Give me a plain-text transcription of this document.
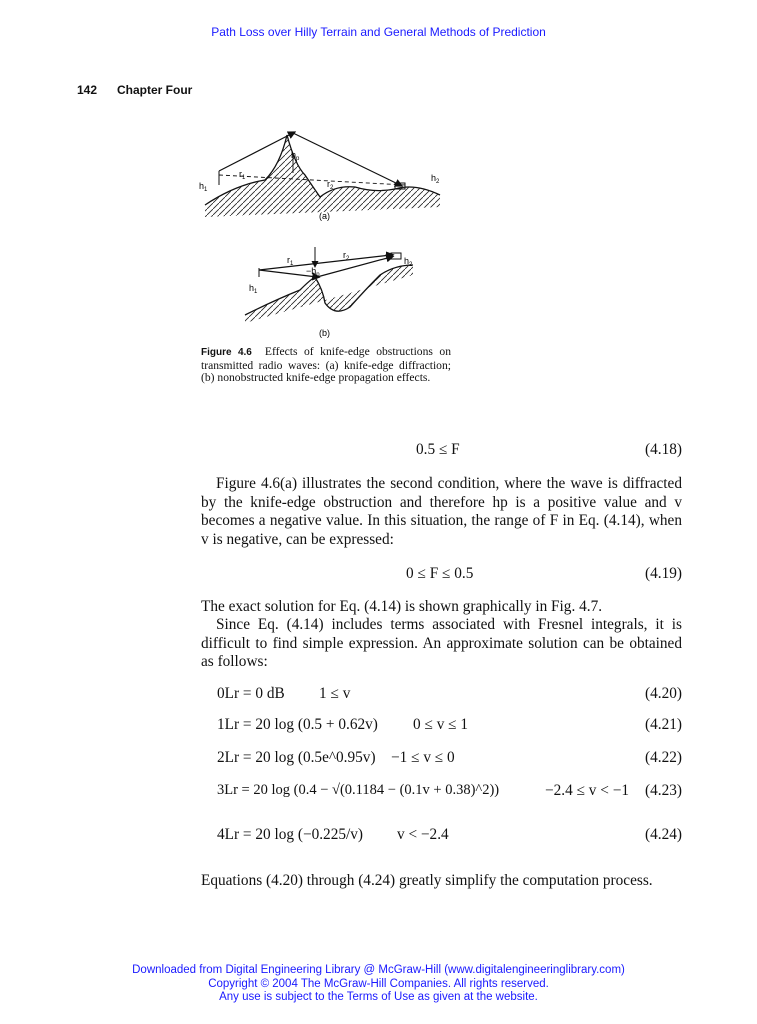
Path Loss over Hilly Terrain and General Methods of Prediction
142 Chapter Four
$h_p$
$h_1$
$r_1$
$r_2$
$h_2$
(a)
$r_1$
$r_2$
$-h_p$
$h_1$
$h_2$
(b)
Figure 4.6 Effects of knife-edge obstructions on transmitted radio waves: (a) knife-edge diffraction; (b) nonobstructed knife-edge propagation effects.
0.5 ≤ F	(4.18)
Figure 4.6(a) illustrates the second condition, where the wave is diffracted by the knife-edge obstruction and therefore hp is a positive value and v becomes a negative value. In this situation, the range of F in Eq. (4.14), when v is negative, can be expressed:
0 ≤ F ≤ 0.5	(4.19)
The exact solution for Eq. (4.14) is shown graphically in Fig. 4.7.
Since Eq. (4.14) includes terms associated with Fresnel integrals, it is difficult to find simple expression. An approximate solution can be obtained as follows:
0Lr = 0 dB 1 ≤ v	(4.20)
1Lr = 20 log (0.5 + 0.62v) 0 ≤ v ≤ 1	(4.21)
2Lr = 20 log (0.5e^0.95v) −1 ≤ v ≤ 0	(4.22)
3Lr = 20 log (0.4 − √(0.1184 − (0.1v + 0.38)^2))	−2.4 ≤ v < −1 (4.23)
4Lr = 20 log (−0.225/v) v < −2.4	(4.24)
Equations (4.20) through (4.24) greatly simplify the computation process.
Downloaded from Digital Engineering Library @ McGraw-Hill (www.digitalengineeringlibrary.com)
Copyright © 2004 The McGraw-Hill Companies. All rights reserved.
Any use is subject to the Terms of Use as given at the website.
